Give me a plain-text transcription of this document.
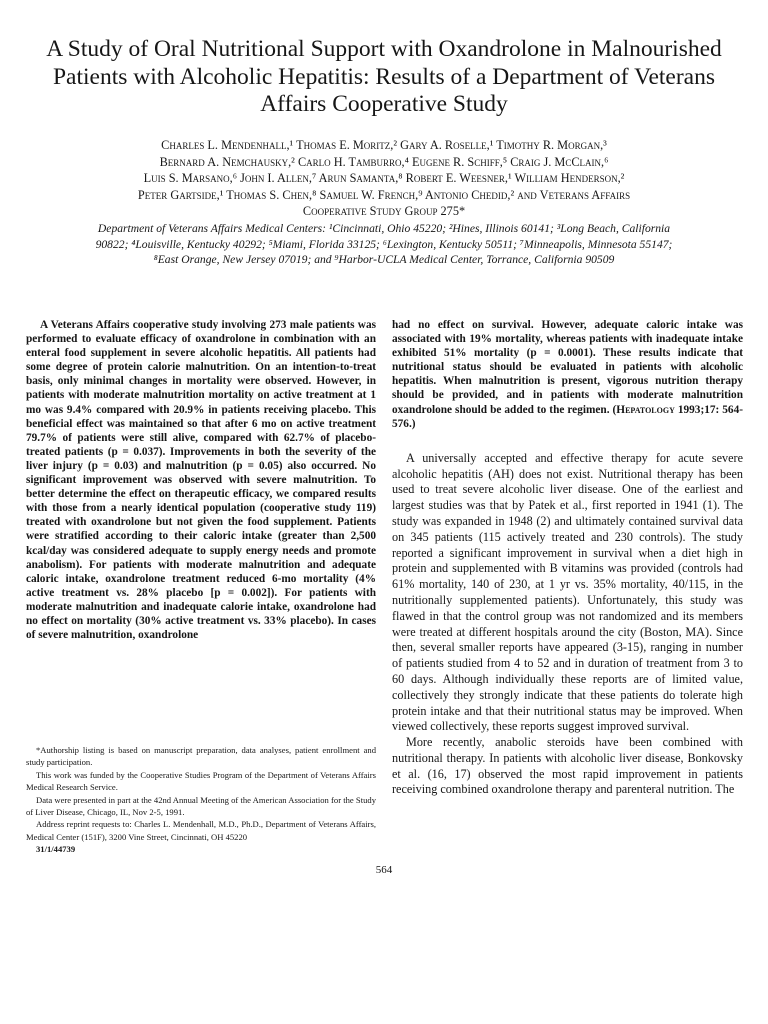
A Study of Oral Nutritional Support with Oxandrolone in Malnourished Patients with Alcoholic Hepatitis: Results of a Department of Veterans Affairs Cooperative Study
Charles L. Mendenhall,¹ Thomas E. Moritz,² Gary A. Roselle,¹ Timothy R. Morgan,³
Bernard A. Nemchausky,² Carlo H. Tamburro,⁴ Eugene R. Schiff,⁵ Craig J. McClain,⁶
Luis S. Marsano,⁶ John I. Allen,⁷ Arun Samanta,⁸ Robert E. Weesner,¹ William Henderson,²
Peter Gartside,¹ Thomas S. Chen,⁸ Samuel W. French,⁹ Antonio Chedid,² and Veterans Affairs
Cooperative Study Group 275*
Department of Veterans Affairs Medical Centers: ¹Cincinnati, Ohio 45220; ²Hines, Illinois 60141; ³Long Beach, California
90822; ⁴Louisville, Kentucky 40292; ⁵Miami, Florida 33125; ⁶Lexington, Kentucky 50511; ⁷Minneapolis, Minnesota 55147;
⁸East Orange, New Jersey 07019; and ⁹Harbor-UCLA Medical Center, Torrance, California 90509

A Veterans Affairs cooperative study involving 273 male patients was performed to evaluate efficacy of oxandrolone in combination with an enteral food supplement in severe alcoholic hepatitis. All patients had some degree of protein calorie malnutrition. On an intention-to-treat basis, only minimal changes in mortality were observed. However, in patients with moderate malnutrition mortality on active treatment at 1 mo was 9.4% compared with 20.9% in patients receiving placebo. This beneficial effect was maintained so that after 6 mo on active treatment 79.7% of patients were still alive, compared with 62.7% of placebo-treated patients (p = 0.037). Improvements in both the severity of the liver injury (p = 0.03) and malnutrition (p = 0.05) also occurred. No significant improvement was observed with severe malnutrition. To better determine the effect on therapeutic efficacy, we compared results with those from a nearly identical population (cooperative study 119) treated with oxandrolone but not given the food supplement. Patients were stratified according to their caloric intake (greater than 2,500 kcal/day was considered adequate to supply energy needs and promote anabolism). For patients with moderate malnutrition and adequate caloric intake, oxandrolone treatment reduced 6-mo mortality (4% active treatment vs. 28% placebo [p = 0.002]). For patients with moderate malnutrition and inadequate calorie intake, oxandrolone had no effect on mortality (30% active treatment vs. 33% placebo). In cases of severe malnutrition, oxandrolone

*Authorship listing is based on manuscript preparation, data analyses, patient enrollment and study participation.

This work was funded by the Cooperative Studies Program of the Department of Veterans Affairs Medical Research Service.

Data were presented in part at the 42nd Annual Meeting of the American Association for the Study of Liver Disease, Chicago, IL, Nov 2-5, 1991.

Address reprint requests to: Charles L. Mendenhall, M.D., Ph.D., Department of Veterans Affairs, Medical Center (151F), 3200 Vine Street, Cincinnati, OH 45220

31/1/44739

had no effect on survival. However, adequate caloric intake was associated with 19% mortality, whereas patients with inadequate intake exhibited 51% mortality (p = 0.0001). These results indicate that nutritional status should be evaluated in patients with alcoholic hepatitis. When malnutrition is present, vigorous nutrition therapy should be provided, and in patients with moderate malnutrition oxandrolone should be added to the regimen. (Hepatology 1993;17: 564-576.)

A universally accepted and effective therapy for acute severe alcoholic hepatitis (AH) does not exist. Nutritional therapy has been used to treat severe alcoholic liver disease. One of the earliest and largest studies was that by Patek et al., first reported in 1941 (1). The study was expanded in 1948 (2) and ultimately contained survival data on 345 patients (115 actively treated and 230 controls). The study reported a significant improvement in survival when a diet high in protein and supplemented with B vitamins was provided (controls had 61% mortality, 140 of 230, at 1 yr vs. 35% mortality, 40/115, in the nutritionally supplemented patients). Unfortunately, this study was flawed in that the control group was not randomized and its members were treated at different hospitals around the city (Boston, MA). Since then, several smaller reports have appeared (3-15), ranging in number of patients studied from 4 to 52 and in duration of treatment from 3 to 60 days. Although individually these reports are of limited value, collectively they strongly indicate that these patients do tolerate high protein intake and that their nutritional status may be improved. When viewed collectively, these reports suggest improved survival.

More recently, anabolic steroids have been combined with nutritional therapy. In patients with alcoholic liver disease, Bonkovsky et al. (16, 17) observed the most rapid improvement in patients receiving combined oxandrolone therapy and parenteral nutrition. The

564
